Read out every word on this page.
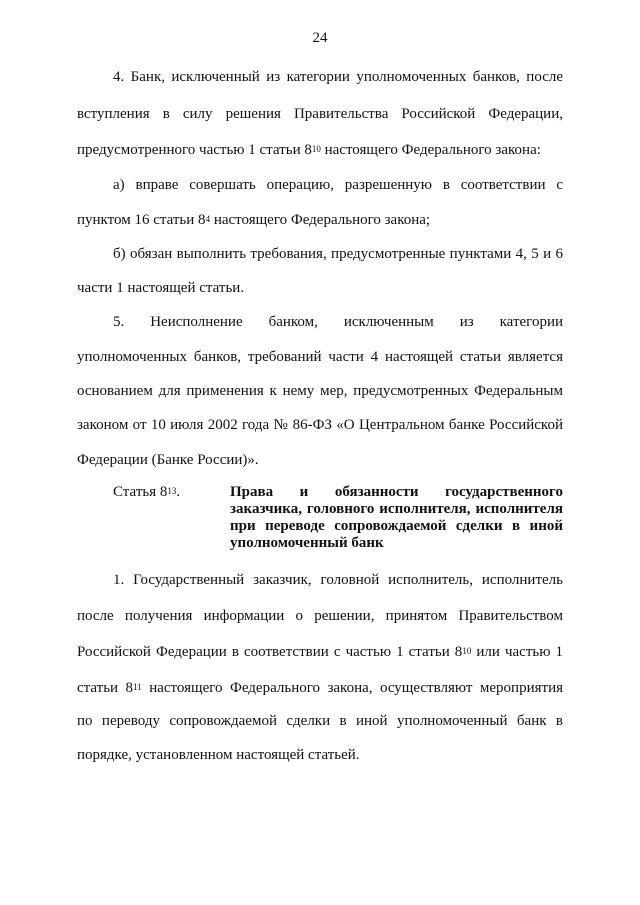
24
4. Банк, исключенный из категории уполномоченных банков, после
вступления в силу решения Правительства Российской Федерации,
предусмотренного частью 1 статьи $8^{10}$ настоящего Федерального закона:
а) вправе совершать операцию, разрешенную в соответствии с
пунктом 16 статьи $8^4$ настоящего Федерального закона;
б) обязан выполнить требования, предусмотренные пунктами 4, 5 и 6
части 1 настоящей статьи.
5. Неисполнение банком, исключенным из категории
уполномоченных банков, требований части 4 настоящей статьи является
основанием для применения к нему мер, предусмотренных Федеральным
законом от 10 июля 2002 года № 86-ФЗ «О Центральном банке Российской
Федерации (Банке России)».
Статья $8^{13}$.	Права и обязанности государственного
заказчика, головного исполнителя, исполнителя
при переводе сопровождаемой сделки в иной
уполномоченный банк
1. Государственный заказчик, головной исполнитель, исполнитель
после получения информации о решении, принятом Правительством
Российской Федерации в соответствии с частью 1 статьи $8^{10}$ или частью 1
статьи $8^{11}$ настоящего Федерального закона, осуществляют мероприятия
по переводу сопровождаемой сделки в иной уполномоченный банк в
порядке, установленном настоящей статьей.
